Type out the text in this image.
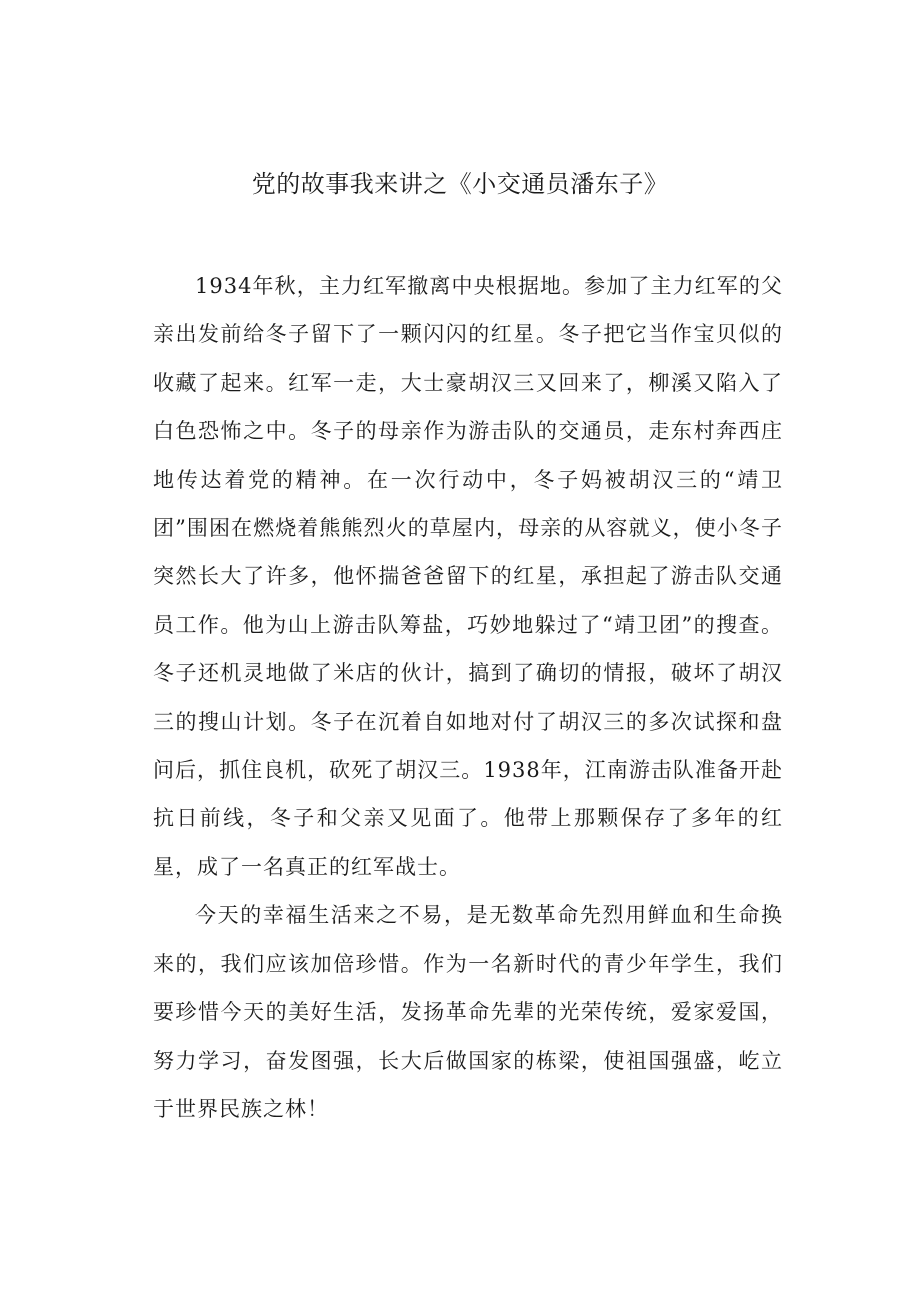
党的故事我来讲之《小交通员潘东子》

1934年秋，主力红军撤离中央根据地。参加了主力红军的父亲出发前给冬子留下了一颗闪闪的红星。冬子把它当作宝贝似的收藏了起来。红军一走，大士豪胡汉三又回来了，柳溪又陷入了白色恐怖之中。冬子的母亲作为游击队的交通员，走东村奔西庄地传达着党的精神。在一次行动中，冬子妈被胡汉三的“靖卫团”围困在燃烧着熊熊烈火的草屋内，母亲的从容就义，使小冬子突然长大了许多，他怀揣爸爸留下的红星，承担起了游击队交通员工作。他为山上游击队筹盐，巧妙地躲过了“靖卫团”的搜查。冬子还机灵地做了米店的伙计，搞到了确切的情报，破坏了胡汉三的搜山计划。冬子在沉着自如地对付了胡汉三的多次试探和盘问后，抓住良机，砍死了胡汉三。1938年，江南游击队准备开赴抗日前线，冬子和父亲又见面了。他带上那颗保存了多年的红星，成了一名真正的红军战士。

今天的幸福生活来之不易，是无数革命先烈用鲜血和生命换来的，我们应该加倍珍惜。作为一名新时代的青少年学生，我们要珍惜今天的美好生活，发扬革命先辈的光荣传统，爱家爱国，努力学习，奋发图强，长大后做国家的栋梁，使祖国强盛，屹立于世界民族之林！
